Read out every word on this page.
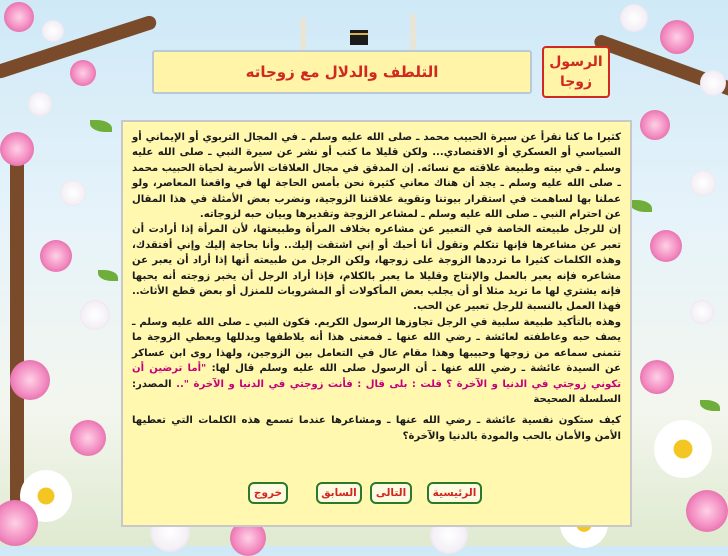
الرسول
زوجا
التلطف والدلال مع زوجاته

كثيرا ما كنا نقرأ عن سيرة الحبيب محمد ـ صلى الله عليه وسلم ـ في المجال التربوي أو الإيماني أو السياسي أو العسكري أو الاقتصادي... ولكن قليلا ما كتب أو نشر عن سيرة النبي ـ صلى الله عليه وسلم ـ في بيته وطبيعة علاقته مع نسائه. إن المدقق في مجال العلاقات الأسرية لحياة الحبيب محمد ـ صلى الله عليه وسلم ـ يجد أن هناك معاني كثيرة نحن بأمس الحاجة لها في واقعنا المعاصر، ولو عملنا بها لساهمت في استقرار بيوتنا وتقوية علاقتنا الزوجية، ونضرب بعض الأمثلة في هذا المقال عن احترام النبي ـ صلى الله عليه وسلم ـ لمشاعر الزوجة وتقديرها وبيان حبه لزوجاته.

إن للرجل طبيعته الخاصة في التعبير عن مشاعره بخلاف المرأة وطبيعتها، لأن المرأة إذا أرادت أن تعبر عن مشاعرها فإنها تتكلم وتقول أنا أحبك أو إني اشتقت إليك.. وأنا بحاجة إليك وإني أفتقدك، وهذه الكلمات كثيرا ما ترددها الزوجة على زوجها، ولكن الرجل من طبيعته أنها إذا أراد أن يعبر عن مشاعره فإنه يعبر بالعمل والإنتاج وقليلا ما يعبر بالكلام، فإذا أراد الرجل أن يخبر زوجته أنه يحبها فإنه يشتري لها ما تريد مثلا أو أن يجلب بعض المأكولات أو المشروبات للمنزل أو بعض قطع الأثاث.. فهذا العمل بالنسبة للرجل تعبير عن الحب.

وهذه بالتأكيد طبيعة سلبية في الرجل تجاوزها الرسول الكريم. فكون النبي ـ صلى الله عليه وسلم ـ يصف حبه وعاطفته لعائشة ـ رضي الله عنها ـ فمعنى هذا أنه يلاطفها ويدللها ويعطي الزوجة ما تتمنى سماعه من زوجها وحبيبها وهذا مقام عال في التعامل بين الزوجين، ولهذا روى ابن عساكر عن السيدة عائشة ـ رضي الله عنها ـ أن الرسول صلى الله عليه وسلم قال لها: "أما ترضين أن تكوني زوجتي في الدنيا و الآخرة ؟ قلت : بلى قال : فأنت زوجتي في الدنيا و الآخرة ".. المصدر: السلسلة الصحيحة

كيف ستكون نفسية عائشة ـ رضي الله عنها ـ ومشاعرها عندما تسمع هذه الكلمات التي تعطيها الأمن والأمان بالحب والمودة بالدنيا والآخرة؟

الرئيسية
التالى
السابق
خروج
